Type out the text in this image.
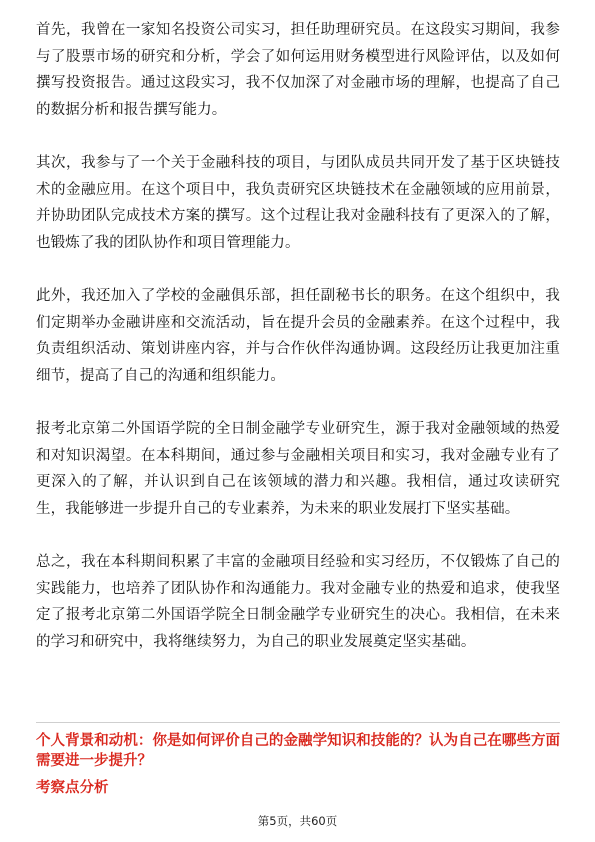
首先，我曾在一家知名投资公司实习，担任助理研究员。在这段实习期间，我参与了股票市场的研究和分析，学会了如何运用财务模型进行风险评估，以及如何撰写投资报告。通过这段实习，我不仅加深了对金融市场的理解，也提高了自己的数据分析和报告撰写能力。

其次，我参与了一个关于金融科技的项目，与团队成员共同开发了基于区块链技术的金融应用。在这个项目中，我负责研究区块链技术在金融领域的应用前景，并协助团队完成技术方案的撰写。这个过程让我对金融科技有了更深入的了解，也锻炼了我的团队协作和项目管理能力。

此外，我还加入了学校的金融俱乐部，担任副秘书长的职务。在这个组织中，我们定期举办金融讲座和交流活动，旨在提升会员的金融素养。在这个过程中，我负责组织活动、策划讲座内容，并与合作伙伴沟通协调。这段经历让我更加注重细节，提高了自己的沟通和组织能力。

报考北京第二外国语学院的全日制金融学专业研究生，源于我对金融领域的热爱和对知识渴望。在本科期间，通过参与金融相关项目和实习，我对金融专业有了更深入的了解，并认识到自己在该领域的潜力和兴趣。我相信，通过攻读研究生，我能够进一步提升自己的专业素养，为未来的职业发展打下坚实基础。

总之，我在本科期间积累了丰富的金融项目经验和实习经历，不仅锻炼了自己的实践能力，也培养了团队协作和沟通能力。我对金融专业的热爱和追求，使我坚定了报考北京第二外国语学院全日制金融学专业研究生的决心。我相信，在未来的学习和研究中，我将继续努力，为自己的职业发展奠定坚实基础。

个人背景和动机：你是如何评价自己的金融学知识和技能的？认为自己在哪些方面需要进一步提升？

考察点分析

第5页，共60页
